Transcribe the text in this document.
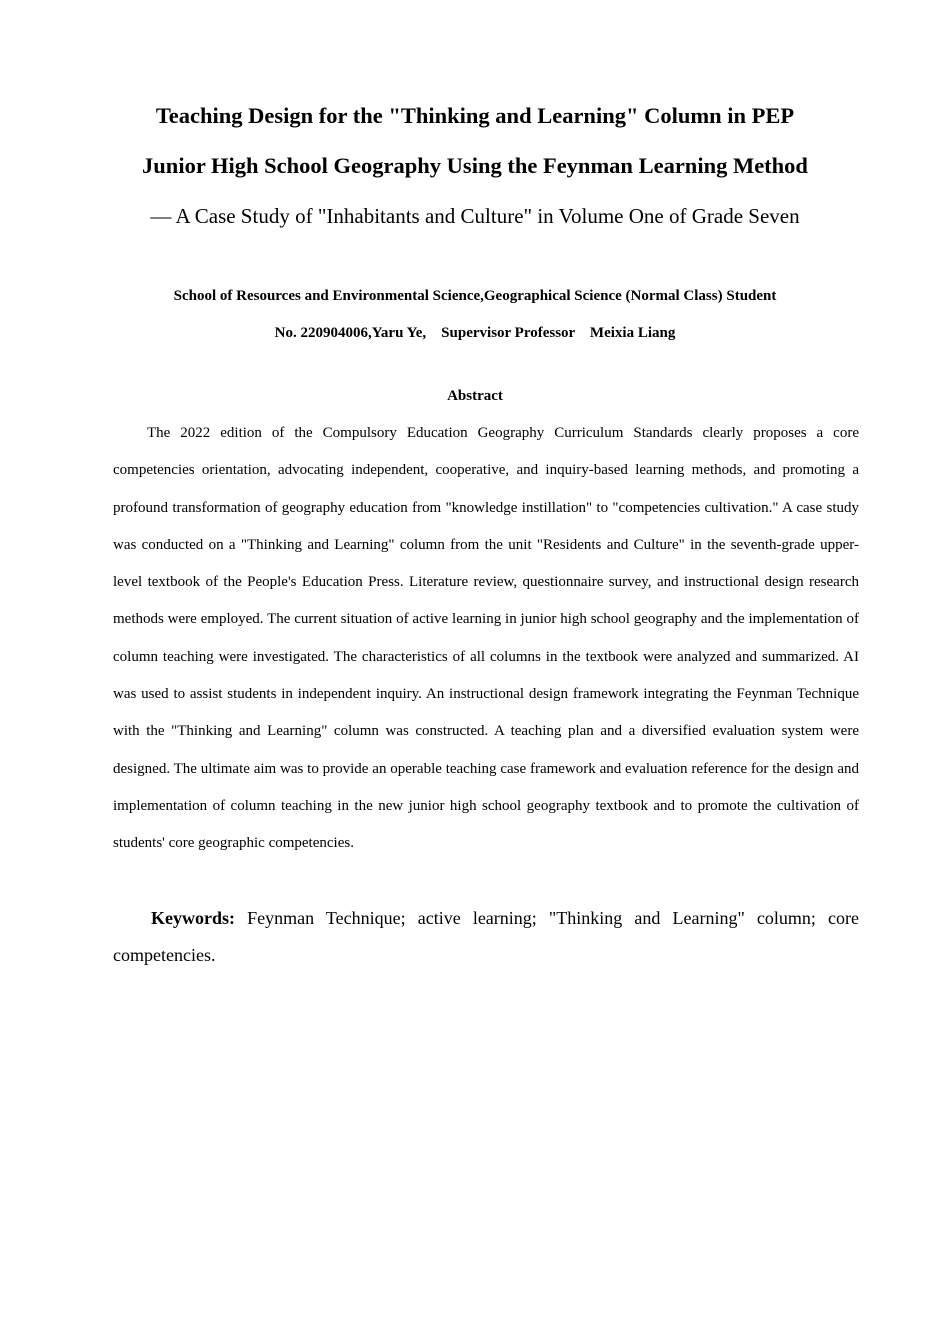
Teaching Design for the "Thinking and Learning" Column in PEP
Junior High School Geography Using the Feynman Learning Method
— A Case Study of "Inhabitants and Culture" in Volume One of Grade Seven
School of Resources and Environmental Science,Geographical Science (Normal Class) Student
No. 220904006,Yaru Ye,    Supervisor Professor    Meixia Liang
Abstract

The 2022 edition of the Compulsory Education Geography Curriculum Standards clearly proposes a core competencies orientation, advocating independent, cooperative, and inquiry-based learning methods, and promoting a profound transformation of geography education from "knowledge instillation" to "competencies cultivation." A case study was conducted on a "Thinking and Learning" column from the unit "Residents and Culture" in the seventh-grade upper-level textbook of the People's Education Press. Literature review, questionnaire survey, and instructional design research methods were employed. The current situation of active learning in junior high school geography and the implementation of column teaching were investigated. The characteristics of all columns in the textbook were analyzed and summarized. AI was used to assist students in independent inquiry. An instructional design framework integrating the Feynman Technique with the "Thinking and Learning" column was constructed. A teaching plan and a diversified evaluation system were designed. The ultimate aim was to provide an operable teaching case framework and evaluation reference for the design and implementation of column teaching in the new junior high school geography textbook and to promote the cultivation of students' core geographic competencies.

Keywords: Feynman Technique; active learning; "Thinking and Learning" column; core competencies.
